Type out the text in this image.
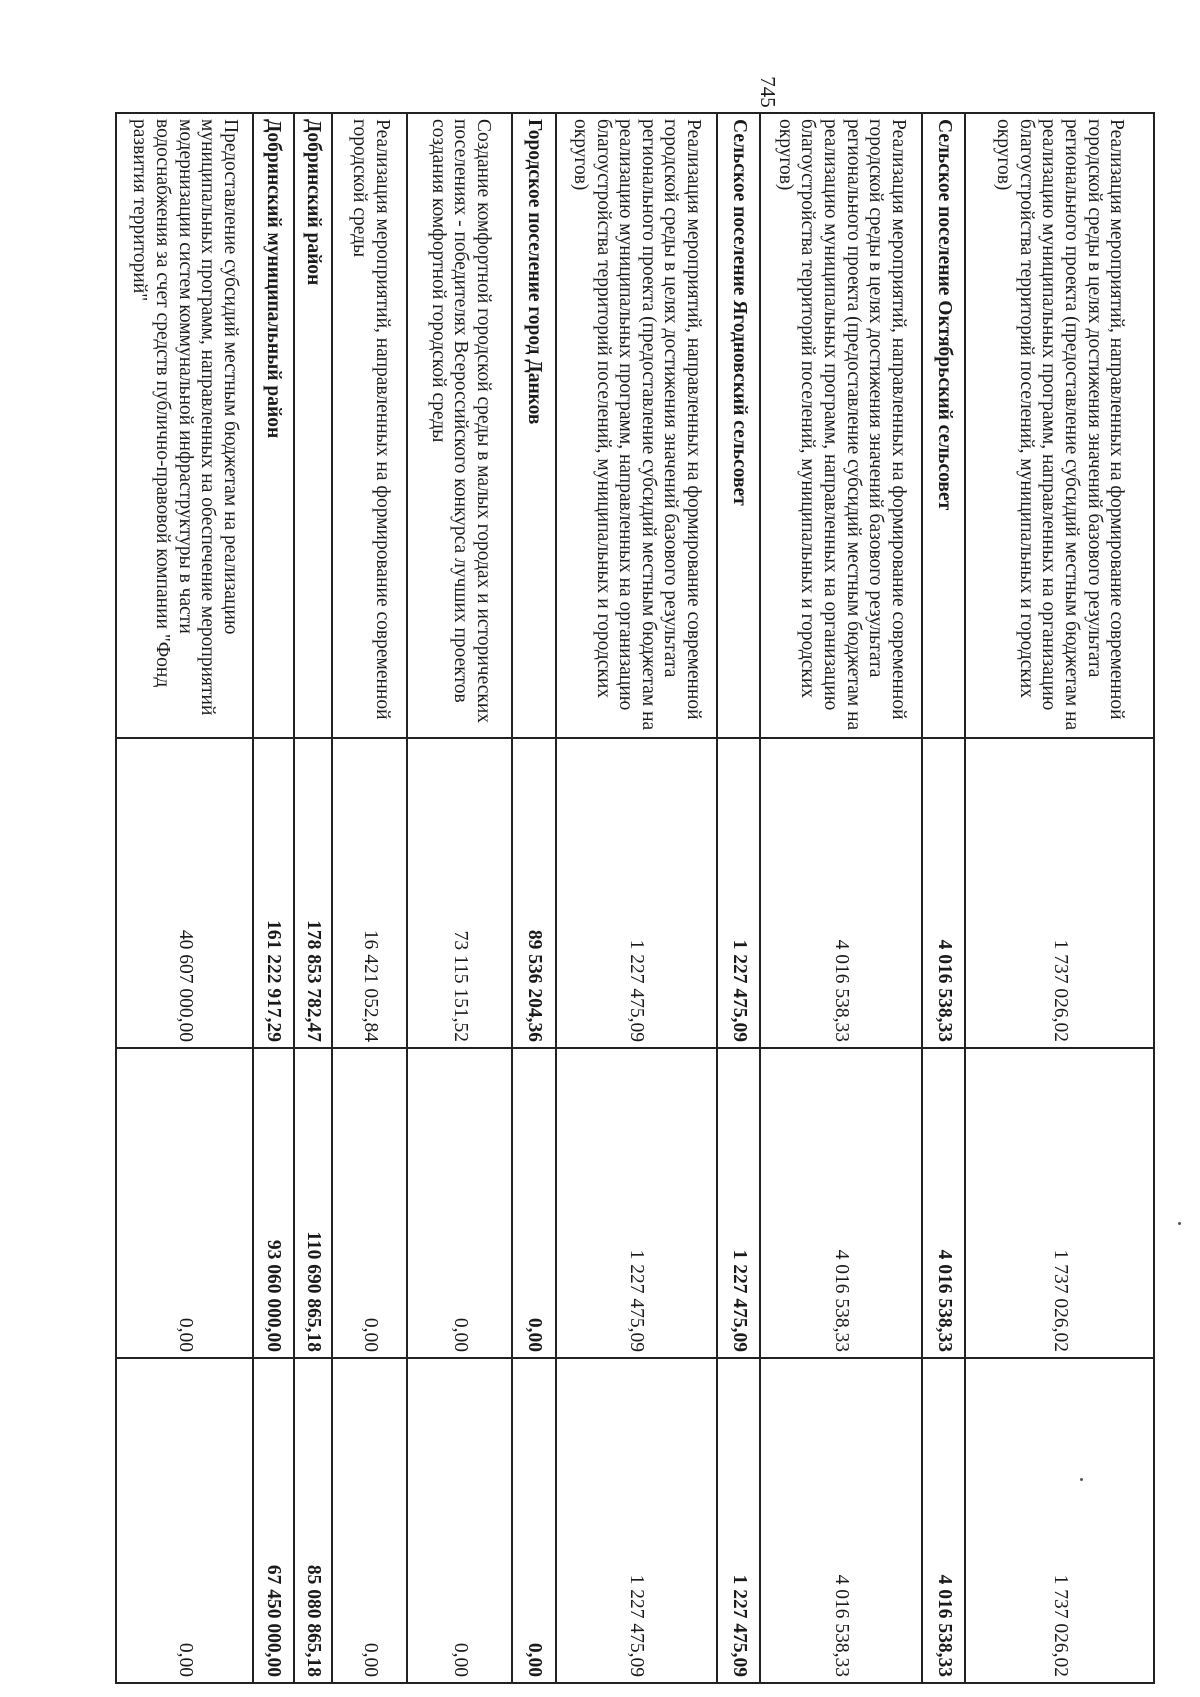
745
Реализация мероприятий, направленных на формирование современной городской среды в целях достижения значений базового результата регионального проекта (предоставление субсидий местным бюджетам на реализацию муниципальных программ, направленных на организацию благоустройства территорий поселений, муниципальных и городских округов)	1 737 026,02	1 737 026,02	1 737 026,02
Сельское поселение Октябрьский сельсовет	4 016 538,33	4 016 538,33	4 016 538,33
Реализация мероприятий, направленных на формирование современной городской среды в целях достижения значений базового результата регионального проекта (предоставление субсидий местным бюджетам на реализацию муниципальных программ, направленных на организацию благоустройства территорий поселений, муниципальных и городских округов)	4 016 538,33	4 016 538,33	4 016 538,33
Сельское поселение Ягодновский сельсовет	1 227 475,09	1 227 475,09	1 227 475,09
Реализация мероприятий, направленных на формирование современной городской среды в целях достижения значений базового результата регионального проекта (предоставление субсидий местным бюджетам на реализацию муниципальных программ, направленных на организацию благоустройства территорий поселений, муниципальных и городских округов)	1 227 475,09	1 227 475,09	1 227 475,09
Городское поселение город Данков	89 536 204,36	0,00	0,00
Создание комфортной городской среды в малых городах и исторических поселениях - победителях Всероссийского конкурса лучших проектов создания комфортной городской среды	73 115 151,52	0,00	0,00
Реализация мероприятий, направленных на формирование современной городской среды	16 421 052,84	0,00	0,00
Добринский район	178 853 782,47	110 690 865,18	85 080 865,18
Добринский муниципальный район	161 222 917,29	93 060 000,00	67 450 000,00
Предоставление субсидий местным бюджетам на реализацию муниципальных программ, направленных на обеспечение мероприятий модернизации систем коммунальной инфраструктуры в части водоснабжения за счет средств публично-правовой компании "Фонд развития территорий"	40 607 000,00	0,00	0,00
